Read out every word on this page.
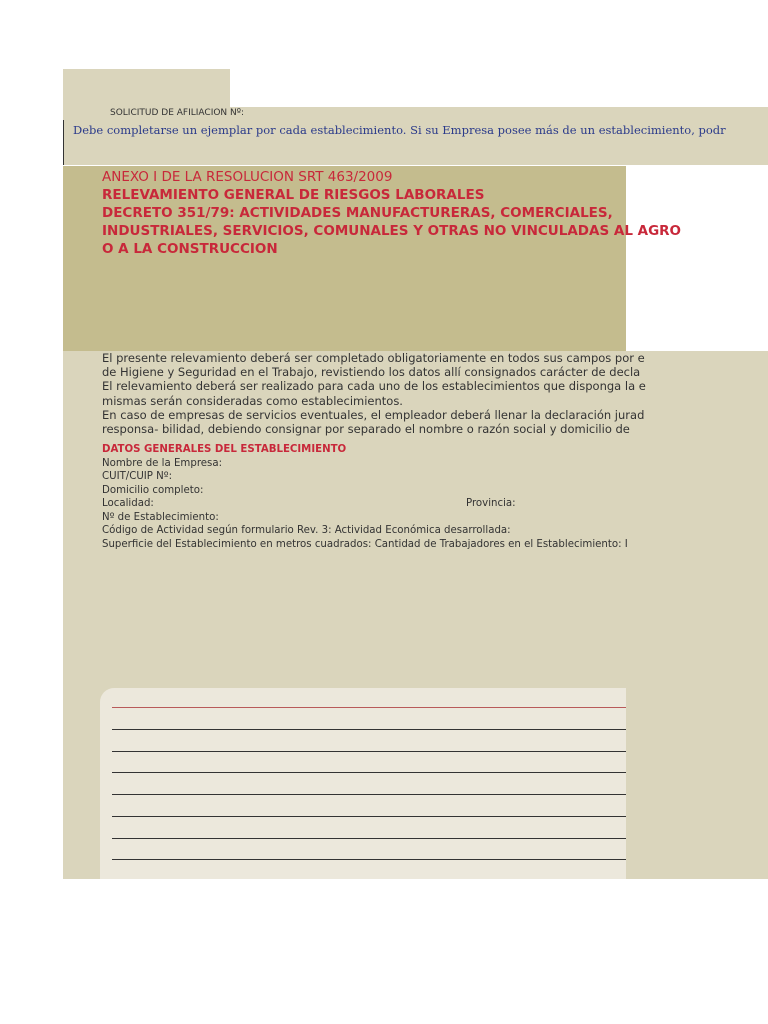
SOLICITUD DE AFILIACION Nº:
Debe completarse un ejemplar por cada establecimiento. Si su Empresa posee más de un establecimiento, podr
ANEXO I DE LA RESOLUCION SRT 463/2009
RELEVAMIENTO GENERAL DE RIESGOS LABORALES
DECRETO 351/79: ACTIVIDADES MANUFACTURERAS, COMERCIALES,
INDUSTRIALES, SERVICIOS, COMUNALES Y OTRAS NO VINCULADAS AL AGRO
O A LA CONSTRUCCION
El presente relevamiento deberá ser completado obligatoriamente en todos sus campos por e
de Higiene y Seguridad en el Trabajo, revistiendo los datos allí consignados carácter de decla
El relevamiento deberá ser realizado para cada uno de los establecimientos que disponga la e
mismas serán consideradas como establecimientos.
En caso de empresas de servicios eventuales, el empleador deberá llenar la declaración jurad
responsa- bilidad, debiendo consignar por separado el nombre o razón social y domicilio de
DATOS GENERALES DEL ESTABLECIMIENTO
Nombre de la Empresa:
CUIT/CUIP Nº:
Domicilio completo:
Localidad:	Provincia:
Nº de Establecimiento:
Código de Actividad según formulario Rev. 3: Actividad Económica desarrollada:
Superficie del Establecimiento en metros cuadrados: Cantidad de Trabajadores en el Establecimiento: I
